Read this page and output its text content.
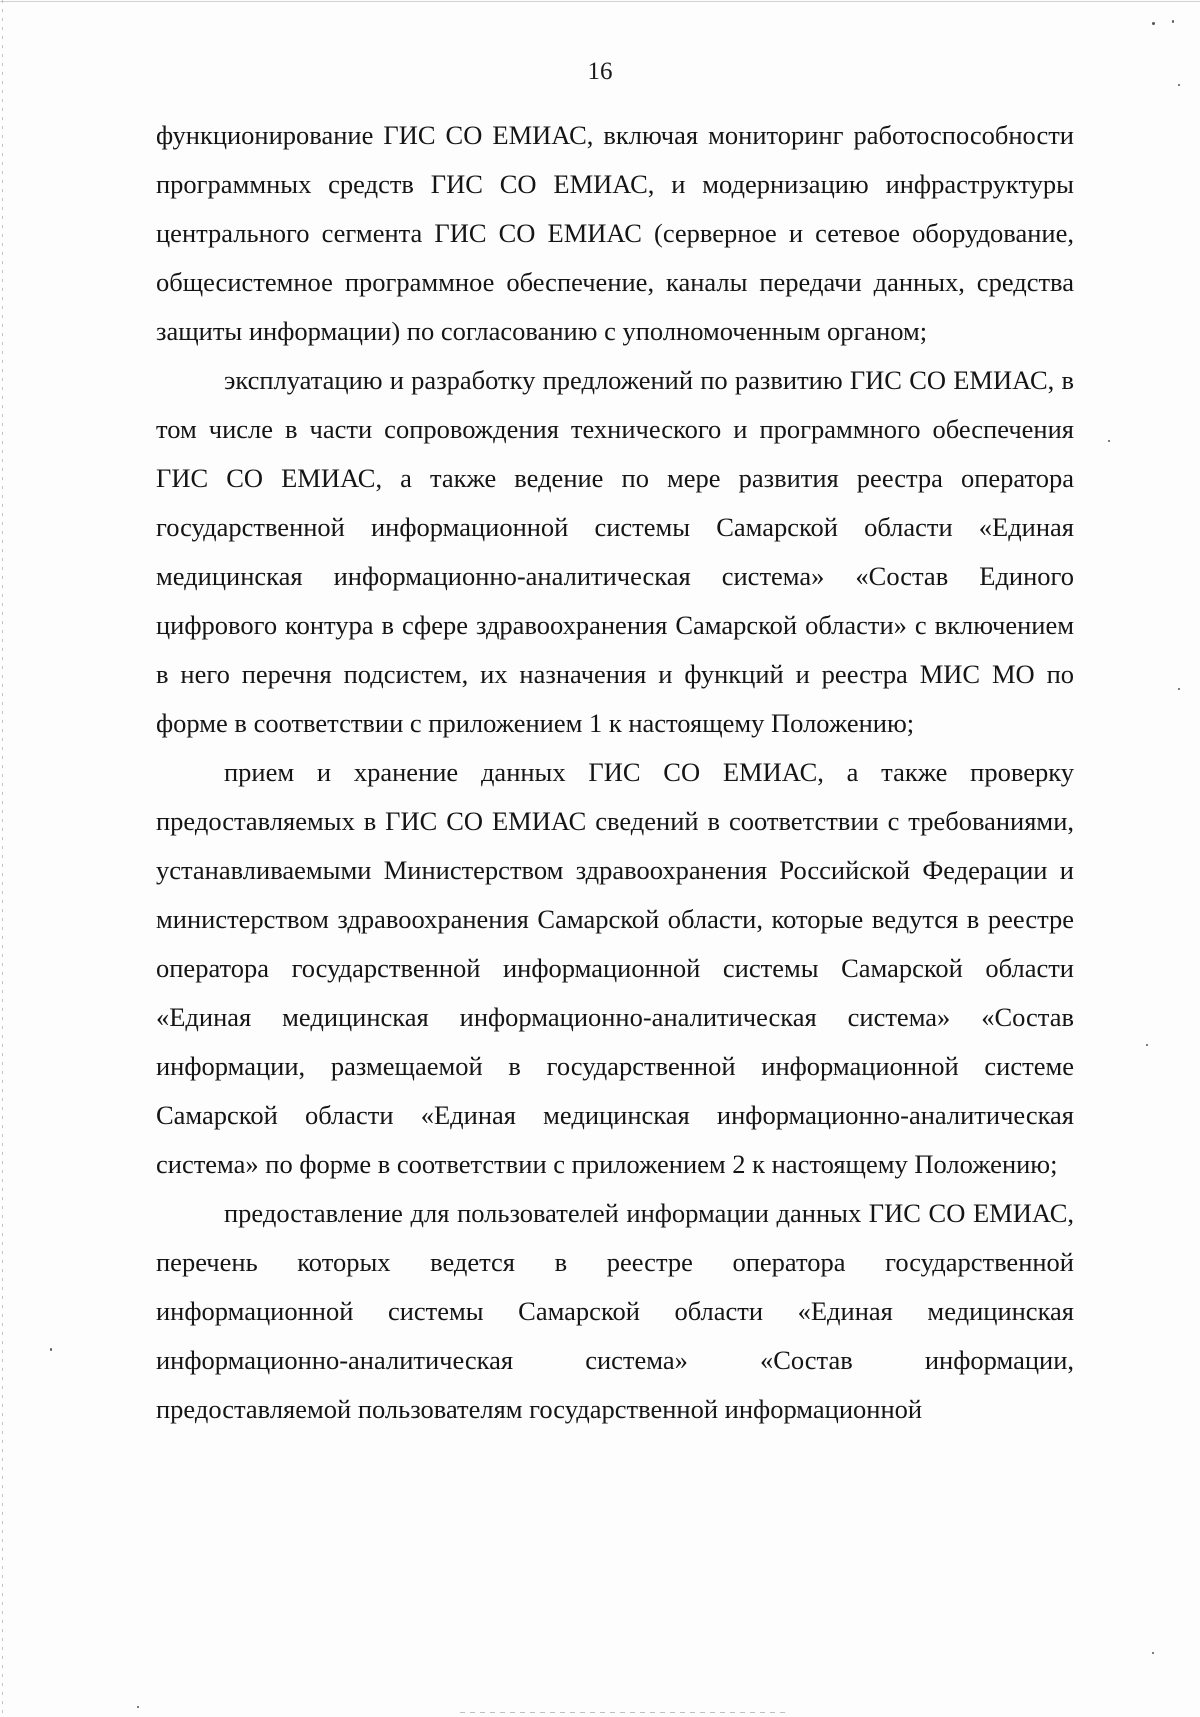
16

функционирование ГИС СО ЕМИАС, включая мониторинг работоспособности программных средств ГИС СО ЕМИАС, и модернизацию инфраструктуры центрального сегмента ГИС СО ЕМИАС (серверное и сетевое оборудование, общесистемное программное обеспечение, каналы передачи данных, средства защиты информации) по согласованию с уполномоченным органом;

эксплуатацию и разработку предложений по развитию ГИС СО ЕМИАС, в том числе в части сопровождения технического и программного обеспечения ГИС СО ЕМИАС, а также ведение по мере развития реестра оператора государственной информационной системы Самарской области «Единая медицинская информационно-аналитическая система» «Состав Единого цифрового контура в сфере здравоохранения Самарской области» с включением в него перечня подсистем, их назначения и функций и реестра МИС МО по форме в соответствии с приложением 1 к настоящему Положению;

прием и хранение данных ГИС СО ЕМИАС, а также проверку предоставляемых в ГИС СО ЕМИАС сведений в соответствии с требованиями, устанавливаемыми Министерством здравоохранения Российской Федерации и министерством здравоохранения Самарской области, которые ведутся в реестре оператора государственной информационной системы Самарской области «Единая медицинская информационно-аналитическая система» «Состав информации, размещаемой в государственной информационной системе Самарской области «Единая медицинская информационно-аналитическая система» по форме в соответствии с приложением 2 к настоящему Положению;

предоставление для пользователей информации данных ГИС СО ЕМИАС, перечень которых ведется в реестре оператора государственной информационной системы Самарской области «Единая медицинская информационно-аналитическая система» «Состав информации, предоставляемой пользователям государственной информационной
